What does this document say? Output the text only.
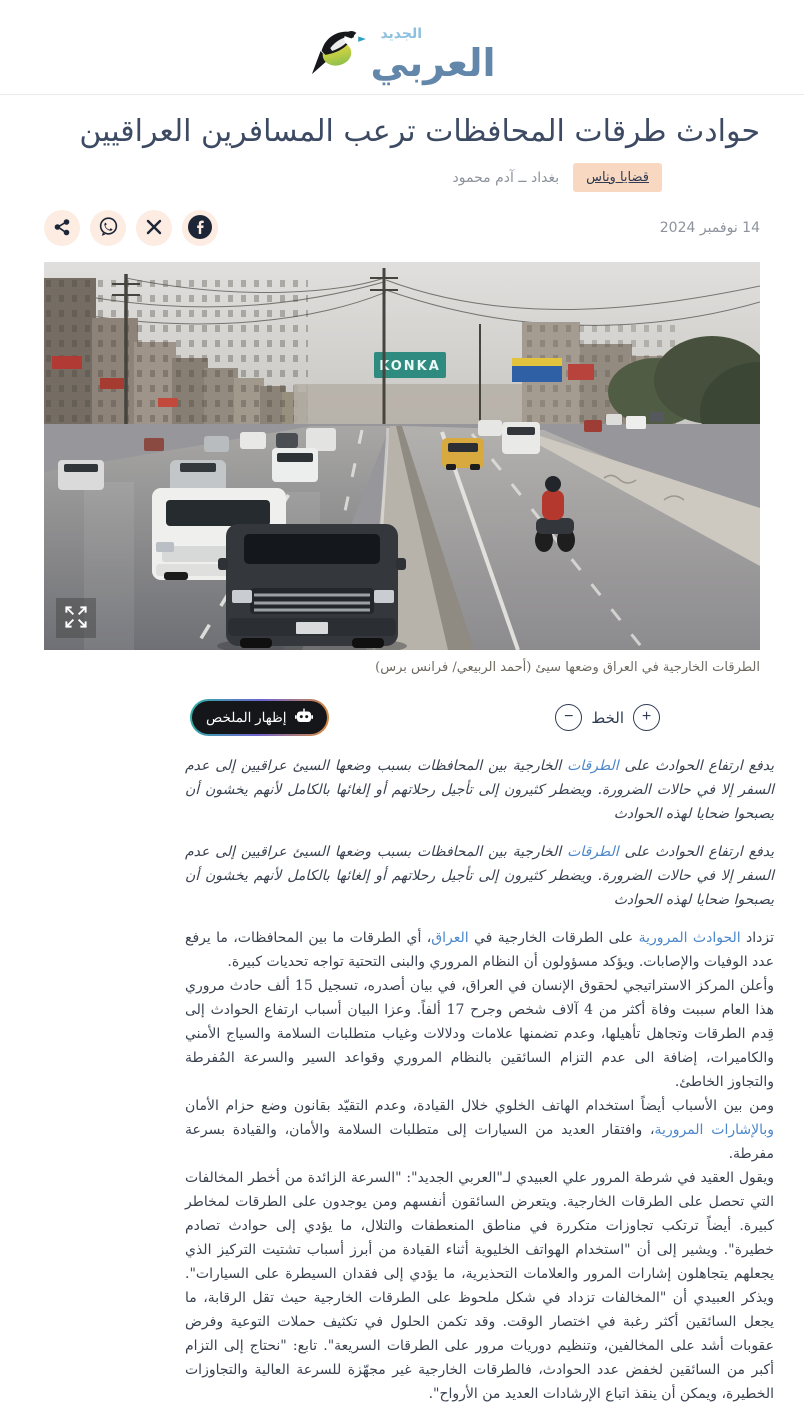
الجديد
العربي
حوادث طرقات المحافظات ترعب المسافرين العراقيين
قضايا وناس
بغداد ــ آدم محمود
14 نوفمبر 2024
KONKA
الطرقات الخارجية في العراق وضعها سيئ (أحمد الربيعي/ فرانس برس)
+
الخط
−
إظهار الملخص

يدفع ارتفاع الحوادث على الطرقات الخارجية بين المحافظات بسبب وضعها السيئ عراقيين إلى عدم السفر إلا في حالات الضرورة. ويضطر كثيرون إلى تأجيل رحلاتهم أو إلغائها بالكامل لأنهم يخشون أن يصبحوا ضحايا لهذه الحوادث

يدفع ارتفاع الحوادث على الطرقات الخارجية بين المحافظات بسبب وضعها السيئ عراقيين إلى عدم السفر إلا في حالات الضرورة. ويضطر كثيرون إلى تأجيل رحلاتهم أو إلغائها بالكامل لأنهم يخشون أن يصبحوا ضحايا لهذه الحوادث

تزداد الحوادث المرورية على الطرقات الخارجية في العراق، أي الطرقات ما بين المحافظات، ما يرفع عدد الوفيات والإصابات. ويؤكد مسؤولون أن النظام المروري والبنى التحتية تواجه تحديات كبيرة.

وأعلن المركز الاستراتيجي لحقوق الإنسان في العراق، في بيان أصدره، تسجيل 15 ألف حادث مروري هذا العام سببت وفاة أكثر من 4 آلاف شخص وجرح 17 ألفاً. وعزا البيان أسباب ارتفاع الحوادث إلى قِدم الطرقات وتجاهل تأهيلها، وعدم تضمنها علامات ودلالات وغياب متطلبات السلامة والسياج الأمني والكاميرات، إضافة الى عدم التزام السائقين بالنظام المروري وقواعد السير والسرعة المُفرطة والتجاوز الخاطئ.

ومن بين الأسباب أيضاً استخدام الهاتف الخلوي خلال القيادة، وعدم التقيّد بقانون وضع حزام الأمان وبالإشارات المرورية، وافتقار العديد من السيارات إلى متطلبات السلامة والأمان، والقيادة بسرعة مفرطة.

ويقول العقيد في شرطة المرور علي العبيدي لـ"العربي الجديد": "السرعة الزائدة من أخطر المخالفات التي تحصل على الطرقات الخارجية. ويتعرض السائقون أنفسهم ومن يوجدون على الطرقات لمخاطر كبيرة. أيضاً ترتكب تجاوزات متكررة في مناطق المنعطفات والتلال، ما يؤدي إلى حوادث تصادم خطيرة". ويشير إلى أن "استخدام الهواتف الخليوية أثناء القيادة من أبرز أسباب تشتيت التركيز الذي يجعلهم يتجاهلون إشارات المرور والعلامات التحذيرية، ما يؤدي إلى فقدان السيطرة على السيارات". ويذكر العبيدي أن "المخالفات تزداد في شكل ملحوظ على الطرقات الخارجية حيث تقل الرقابة، ما يجعل السائقين أكثر رغبة في اختصار الوقت. وقد تكمن الحلول في تكثيف حملات التوعية وفرض عقوبات أشد على المخالفين، وتنظيم دوريات مرور على الطرقات السريعة". تابع: "نحتاج إلى التزام أكبر من السائقين لخفض عدد الحوادث، فالطرقات الخارجية غير مجهّزة للسرعة العالية والتجاوزات الخطيرة، ويمكن أن ينقذ اتباع الإرشادات العديد من الأرواح".
